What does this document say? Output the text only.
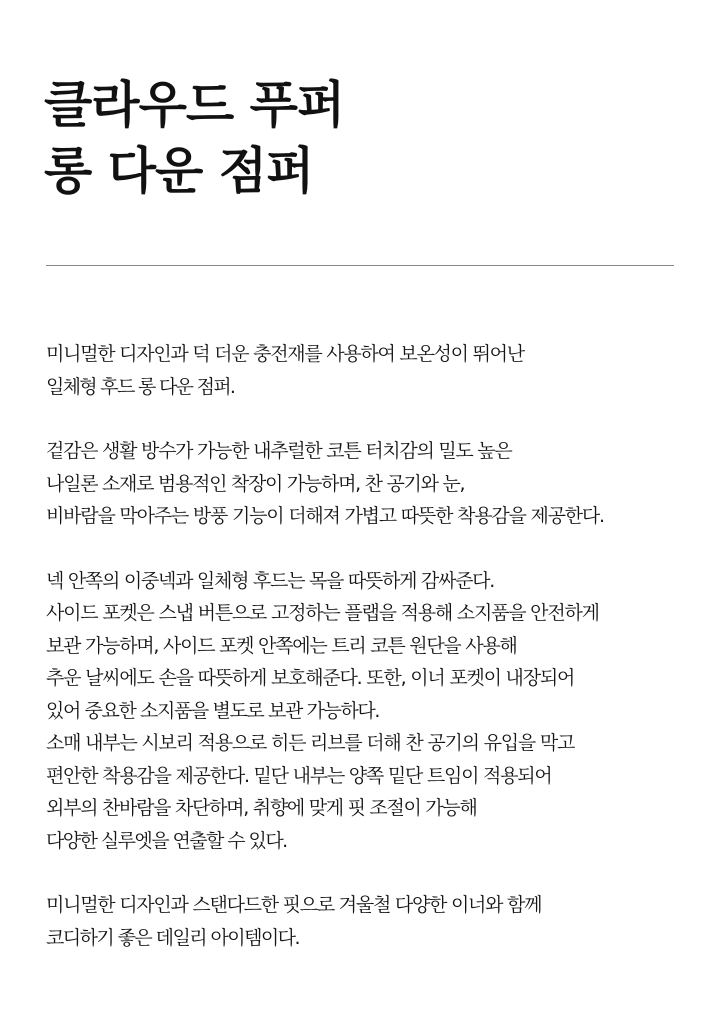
클라우드 푸퍼
롱 다운 점퍼

미니멀한 디자인과 덕 더운 충전재를 사용하여 보온성이 뛰어난
일체형 후드 롱 다운 점퍼.

겉감은 생활 방수가 가능한 내추럴한 코튼 터치감의 밀도 높은
나일론 소재로 범용적인 착장이 가능하며, 찬 공기와 눈,
비바람을 막아주는 방풍 기능이 더해져 가볍고 따뜻한 착용감을 제공한다.

넥 안쪽의 이중넥과 일체형 후드는 목을 따뜻하게 감싸준다.
사이드 포켓은 스냅 버튼으로 고정하는 플랩을 적용해 소지품을 안전하게
보관 가능하며, 사이드 포켓 안쪽에는 트리 코튼 원단을 사용해
추운 날씨에도 손을 따뜻하게 보호해준다. 또한, 이너 포켓이 내장되어
있어 중요한 소지품을 별도로 보관 가능하다.
소매 내부는 시보리 적용으로 히든 리브를 더해 찬 공기의 유입을 막고
편안한 착용감을 제공한다. 밑단 내부는 양쪽 밑단 트임이 적용되어
외부의 찬바람을 차단하며, 취향에 맞게 핏 조절이 가능해
다양한 실루엣을 연출할 수 있다.

미니멀한 디자인과 스탠다드한 핏으로 겨울철 다양한 이너와 함께
코디하기 좋은 데일리 아이템이다.
